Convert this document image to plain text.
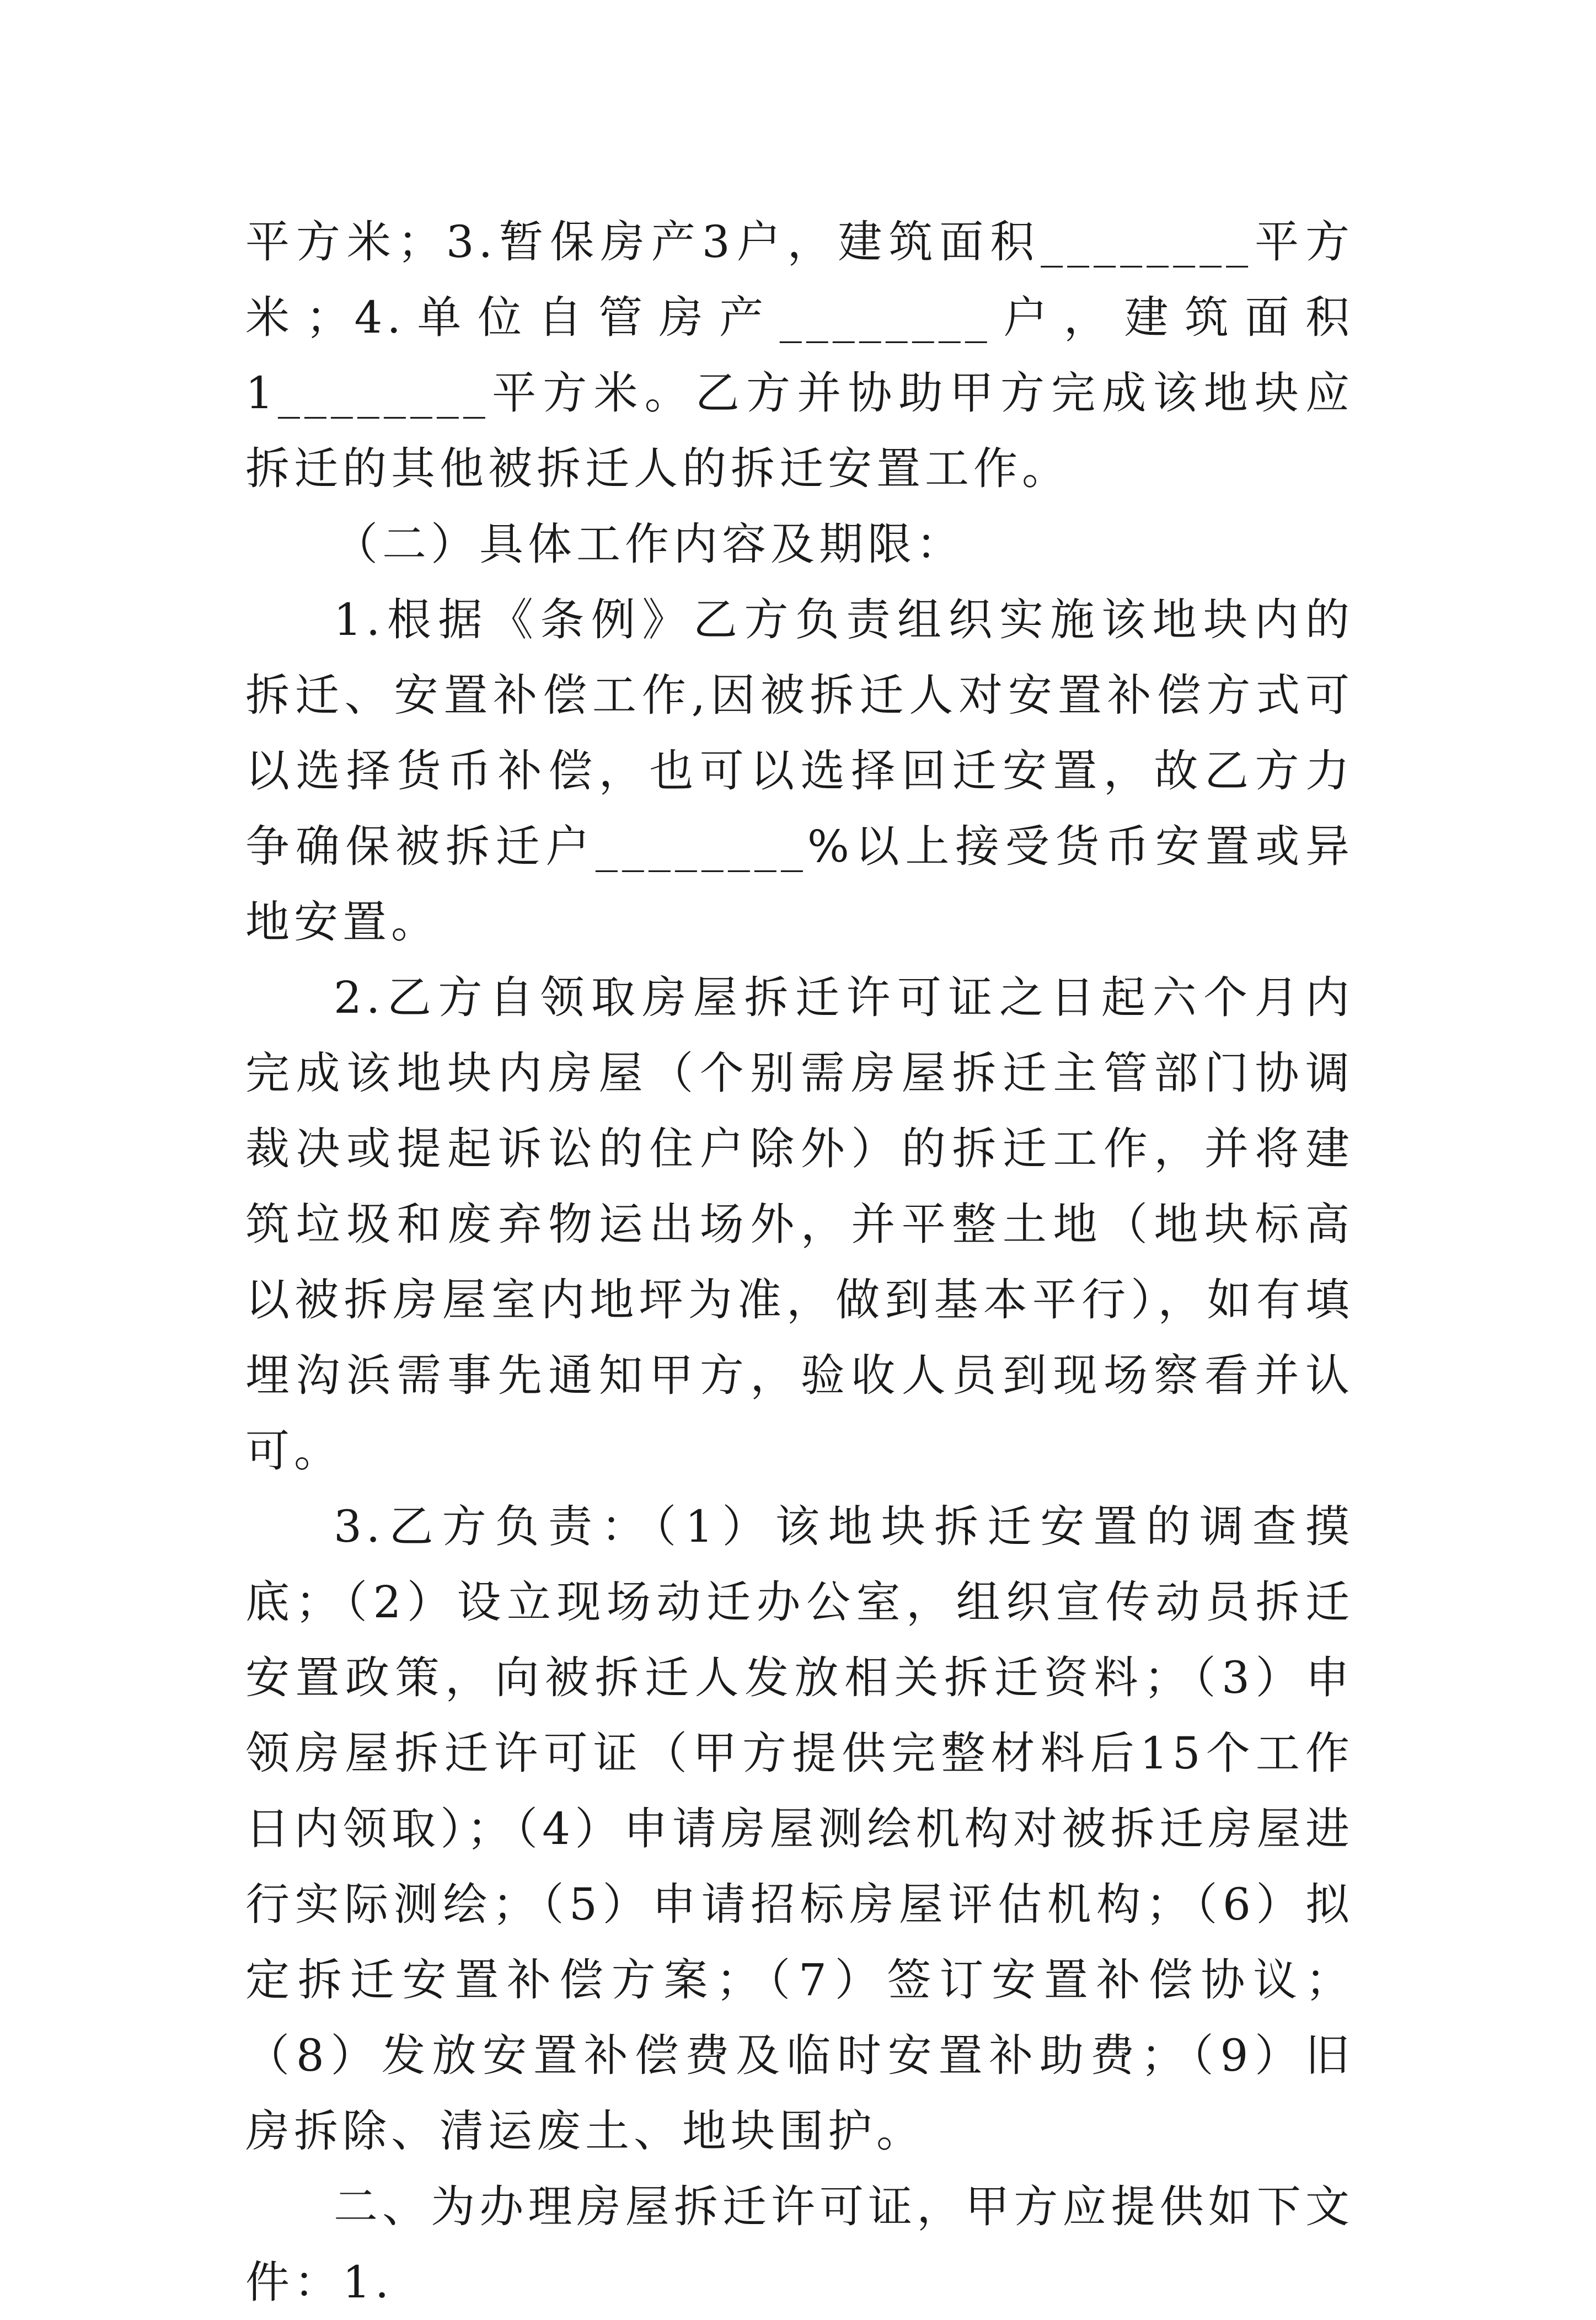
平方米；3.暂保房产3户，建筑面积________平方米；4.单位自管房产________户，建筑面积1________平方米。乙方并协助甲方完成该地块应拆迁的其他被拆迁人的拆迁安置工作。

（二）具体工作内容及期限：

1.根据《条例》乙方负责组织实施该地块内的拆迁、安置补偿工作,因被拆迁人对安置补偿方式可以选择货币补偿，也可以选择回迁安置，故乙方力争确保被拆迁户________%以上接受货币安置或异地安置。

2.乙方自领取房屋拆迁许可证之日起六个月内完成该地块内房屋（个别需房屋拆迁主管部门协调裁决或提起诉讼的住户除外）的拆迁工作，并将建筑垃圾和废弃物运出场外，并平整土地（地块标高以被拆房屋室内地坪为准，做到基本平行），如有填埋沟浜需事先通知甲方，验收人员到现场察看并认可。

3.乙方负责：（1）该地块拆迁安置的调查摸底；（2）设立现场动迁办公室，组织宣传动员拆迁安置政策，向被拆迁人发放相关拆迁资料；（3）申领房屋拆迁许可证（甲方提供完整材料后15个工作日内领取）；（4）申请房屋测绘机构对被拆迁房屋进行实际测绘；（5）申请招标房屋评估机构；（6）拟定拆迁安置补偿方案；（7）签订安置补偿协议；（8）发放安置补偿费及临时安置补助费；（9）旧房拆除、清运废土、地块围护。

二、为办理房屋拆迁许可证，甲方应提供如下文件：1.
